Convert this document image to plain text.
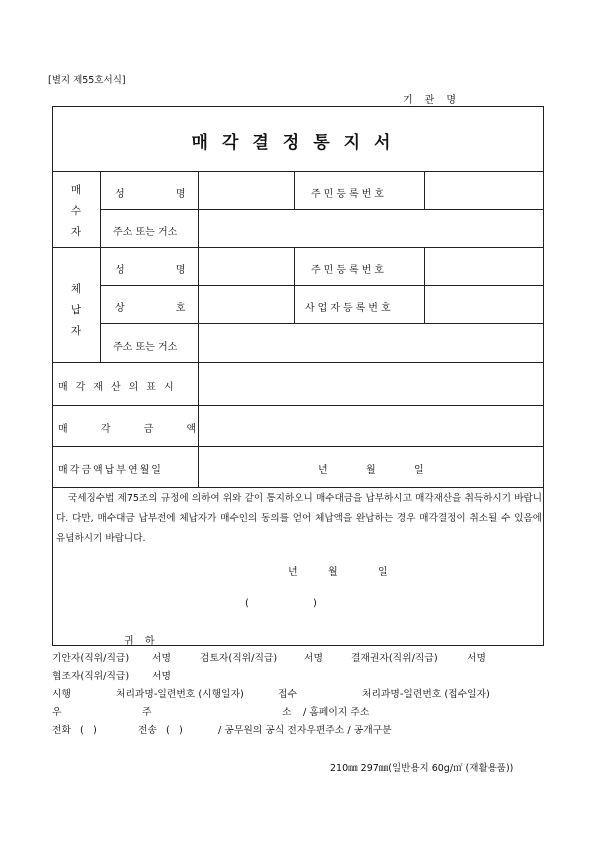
[별지 제55호서식]
기관명
매각결정통지서
매
수
자
성 명	주민등록번호
주소 또는 거소
체
납
자
성 명	주민등록번호
상 호	사업자등록번호
주소 또는 거소
매각재산의표시
매 각 금 액
매각금액납부연월일	년	월	일
국세징수법 제75조의 규정에 의하여 위와 같이 통지하오니 매수대금을 납부하시고 매각재산을 취득하시기 바랍니다. 다만, 매수대금 납부전에 체납자가 매수인의 동의를 얻어 체납액을 완납하는 경우 매각결정이 취소될 수 있음에 유념하시기 바랍니다.
년	월	일
(	)
귀 하
기안자(직위/직급) 서명	검토자(직위/직급)	서명	결재권자(직위/직급)	서명
협조자(직위/직급) 서명
시행	처리과명-일련번호 (시행일자)	접수	처리과명-일련번호 (접수일자)
우	주	소 / 홈페이지 주소
전화 ( )	전송 ( )	/ 공무원의 공식 전자우편주소 / 공개구분
210㎜ 297㎜(일반용지 60g/㎡ (재활용품))
